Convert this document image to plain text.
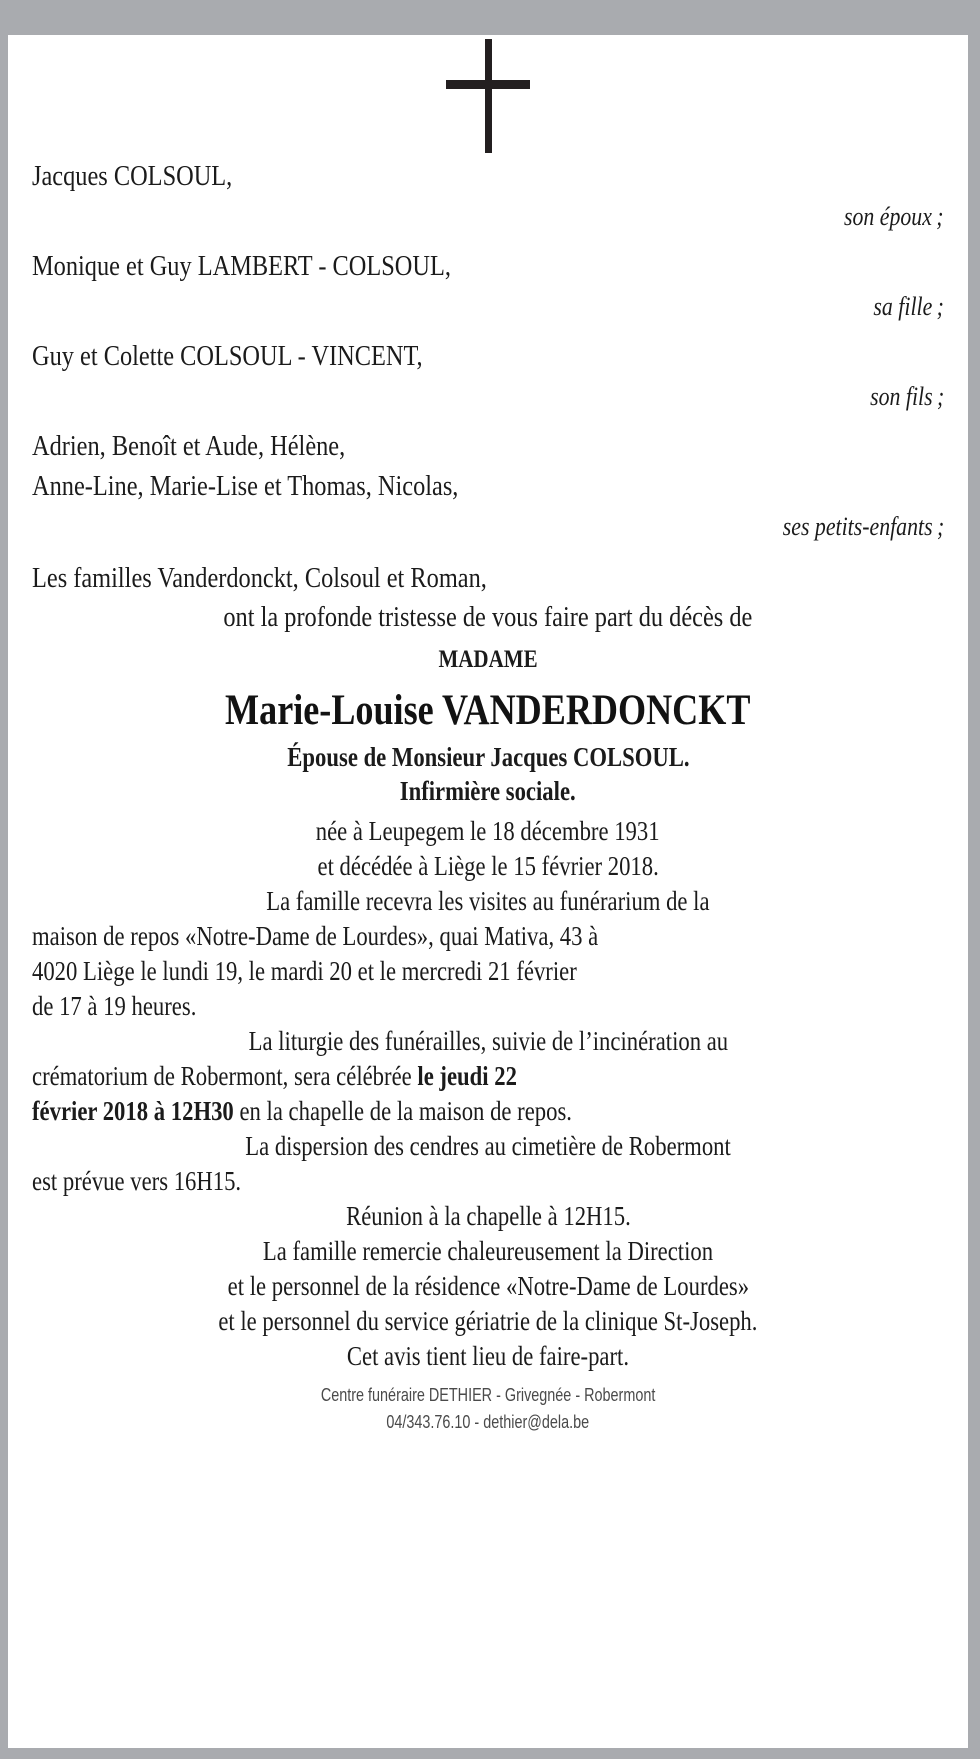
Jacques COLSOUL,
son époux ;
Monique et Guy LAMBERT - COLSOUL,
sa fille ;
Guy et Colette COLSOUL - VINCENT,
son fils ;
Adrien, Benoît et Aude, Hélène,
Anne-Line, Marie-Lise et Thomas, Nicolas,
ses petits-enfants ;
Les familles Vanderdonckt, Colsoul et Roman,
ont la profonde tristesse de vous faire part du décès de
MADAME
Marie-Louise VANDERDONCKT
Épouse de Monsieur Jacques COLSOUL.
Infirmière sociale.
née à Leupegem le 18 décembre 1931
et décédée à Liège le 15 février 2018.
La famille recevra les visites au funérarium de la
maison de repos «Notre-Dame de Lourdes», quai Mativa, 43 à
4020 Liège le lundi 19, le mardi 20 et le mercredi 21 février
de 17 à 19 heures.
La liturgie des funérailles, suivie de l’incinération au
crématorium de Robermont, sera célébrée le jeudi 22
février 2018 à 12H30 en la chapelle de la maison de repos.
La dispersion des cendres au cimetière de Robermont
est prévue vers 16H15.
Réunion à la chapelle à 12H15.
La famille remercie chaleureusement la Direction
et le personnel de la résidence «Notre-Dame de Lourdes»
et le personnel du service gériatrie de la clinique St-Joseph.
Cet avis tient lieu de faire-part.
Centre funéraire DETHIER - Grivegnée - Robermont
04/343.76.10 - dethier@dela.be
